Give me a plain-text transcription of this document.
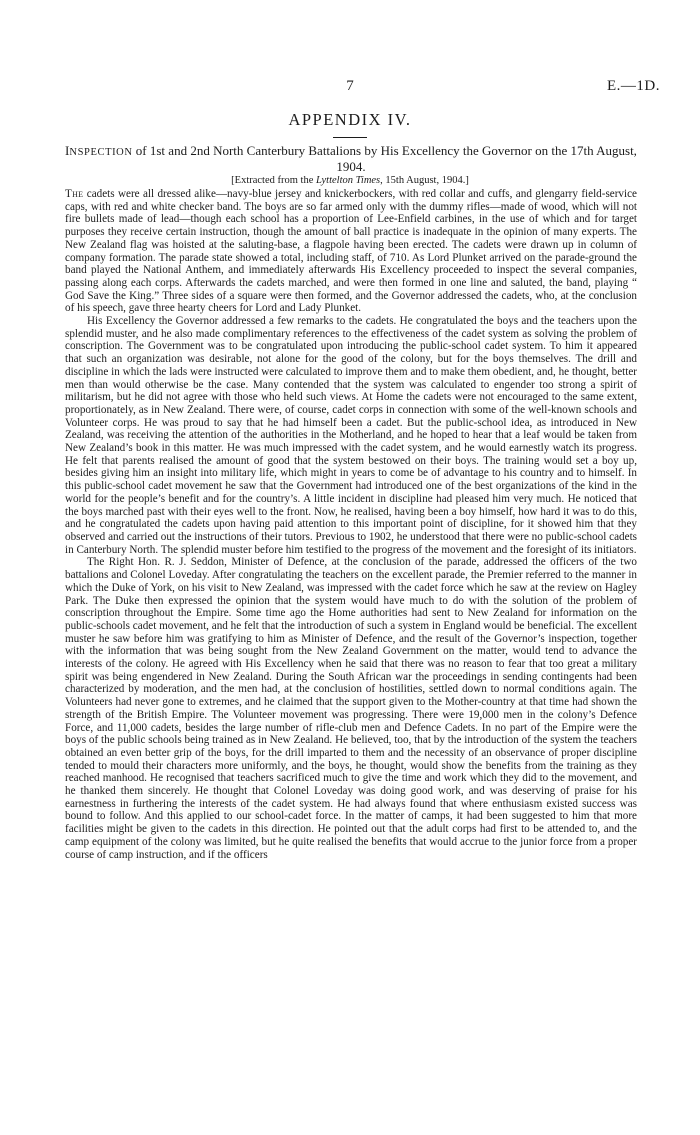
7	E.—1D.
APPENDIX IV.
INSPECTION of 1st and 2nd North Canterbury Battalions by His Excellency the Governor on the 17th August, 1904.
[Extracted from the Lyttelton Times, 15th August, 1904.]

The cadets were all dressed alike—navy-blue jersey and knickerbockers, with red collar and cuffs, and glengarry field-service caps, with red and white checker band. The boys are so far armed only with the dummy rifles—made of wood, which will not fire bullets made of lead—though each school has a proportion of Lee-Enfield carbines, in the use of which and for target purposes they receive certain instruction, though the amount of ball practice is inadequate in the opinion of many experts. The New Zealand flag was hoisted at the saluting-base, a flagpole having been erected. The cadets were drawn up in column of company formation. The parade state showed a total, including staff, of 710. As Lord Plunket arrived on the parade-ground the band played the National Anthem, and immediately afterwards His Excellency proceeded to inspect the several companies, passing along each corps. Afterwards the cadets marched, and were then formed in one line and saluted, the band, playing “ God Save the King.” Three sides of a square were then formed, and the Governor addressed the cadets, who, at the conclusion of his speech, gave three hearty cheers for Lord and Lady Plunket.

His Excellency the Governor addressed a few remarks to the cadets. He congratulated the boys and the teachers upon the splendid muster, and he also made complimentary references to the effectiveness of the cadet system as solving the problem of conscription. The Government was to be congratulated upon introducing the public-school cadet system. To him it appeared that such an organization was desirable, not alone for the good of the colony, but for the boys themselves. The drill and discipline in which the lads were instructed were calculated to improve them and to make them obedient, and, he thought, better men than would otherwise be the case. Many contended that the system was calculated to engender too strong a spirit of militarism, but he did not agree with those who held such views. At Home the cadets were not encouraged to the same extent, proportionately, as in New Zealand. There were, of course, cadet corps in connection with some of the well-known schools and Volunteer corps. He was proud to say that he had himself been a cadet. But the public-school idea, as introduced in New Zealand, was receiving the attention of the authorities in the Motherland, and he hoped to hear that a leaf would be taken from New Zealand’s book in this matter. He was much impressed with the cadet system, and he would earnestly watch its progress. He felt that parents realised the amount of good that the system bestowed on their boys. The training would set a boy up, besides giving him an insight into military life, which might in years to come be of advantage to his country and to himself. In this public-school cadet movement he saw that the Government had introduced one of the best organizations of the kind in the world for the people’s benefit and for the country’s. A little incident in discipline had pleased him very much. He noticed that the boys marched past with their eyes well to the front. Now, he realised, having been a boy himself, how hard it was to do this, and he congratulated the cadets upon having paid attention to this important point of discipline, for it showed him that they observed and carried out the instructions of their tutors. Previous to 1902, he understood that there were no public-school cadets in Canterbury North. The splendid muster before him testified to the progress of the movement and the foresight of its initiators.

The Right Hon. R. J. Seddon, Minister of Defence, at the conclusion of the parade, addressed the officers of the two battalions and Colonel Loveday. After congratulating the teachers on the excellent parade, the Premier referred to the manner in which the Duke of York, on his visit to New Zealand, was impressed with the cadet force which he saw at the review on Hagley Park. The Duke then expressed the opinion that the system would have much to do with the solution of the problem of conscription throughout the Empire. Some time ago the Home authorities had sent to New Zealand for information on the public-schools cadet movement, and he felt that the introduction of such a system in England would be beneficial. The excellent muster he saw before him was gratifying to him as Minister of Defence, and the result of the Governor’s inspection, together with the information that was being sought from the New Zealand Government on the matter, would tend to advance the interests of the colony. He agreed with His Excellency when he said that there was no reason to fear that too great a military spirit was being engendered in New Zealand. During the South African war the proceedings in sending contingents had been characterized by moderation, and the men had, at the conclusion of hostilities, settled down to normal conditions again. The Volunteers had never gone to extremes, and he claimed that the support given to the Mother-country at that time had shown the strength of the British Empire. The Volunteer movement was progressing. There were 19,000 men in the colony’s Defence Force, and 11,000 cadets, besides the large number of rifle-club men and Defence Cadets. In no part of the Empire were the boys of the public schools being trained as in New Zealand. He believed, too, that by the introduction of the system the teachers obtained an even better grip of the boys, for the drill imparted to them and the necessity of an observance of proper discipline tended to mould their characters more uniformly, and the boys, he thought, would show the benefits from the training as they reached manhood. He recognised that teachers sacrificed much to give the time and work which they did to the movement, and he thanked them sincerely. He thought that Colonel Loveday was doing good work, and was deserving of praise for his earnestness in furthering the interests of the cadet system. He had always found that where enthusiasm existed success was bound to follow. And this applied to our school-cadet force. In the matter of camps, it had been suggested to him that more facilities might be given to the cadets in this direction. He pointed out that the adult corps had first to be attended to, and the camp equipment of the colony was limited, but he quite realised the benefits that would accrue to the junior force from a proper course of camp instruction, and if the officers
